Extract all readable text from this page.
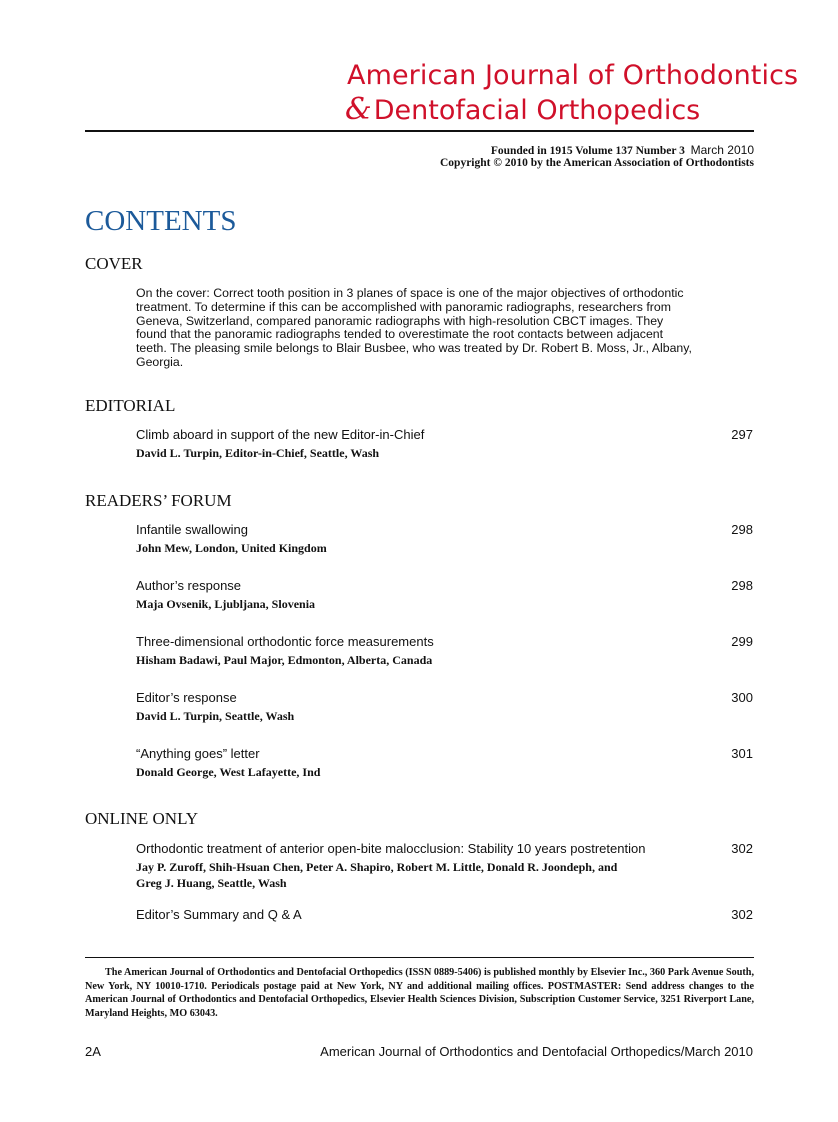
American Journal of Orthodontics
&Dentofacial Orthopedics
Founded in 1915 Volume 137 Number 3 March 2010
Copyright © 2010 by the American Association of Orthodontists
CONTENTS
COVER
On the cover: Correct tooth position in 3 planes of space is one of the major objectives of orthodontic treatment. To determine if this can be accomplished with panoramic radiographs, researchers from Geneva, Switzerland, compared panoramic radiographs with high-resolution CBCT images. They found that the panoramic radiographs tended to overestimate the root contacts between adjacent teeth. The pleasing smile belongs to Blair Busbee, who was treated by Dr. Robert B. Moss, Jr., Albany, Georgia.
EDITORIAL
Climb aboard in support of the new Editor-in-Chief	297
David L. Turpin, Editor-in-Chief, Seattle, Wash
READERS’ FORUM
Infantile swallowing	298
John Mew, London, United Kingdom
Author’s response	298
Maja Ovsenik, Ljubljana, Slovenia
Three-dimensional orthodontic force measurements	299
Hisham Badawi, Paul Major, Edmonton, Alberta, Canada
Editor’s response	300
David L. Turpin, Seattle, Wash
“Anything goes” letter	301
Donald George, West Lafayette, Ind
ONLINE ONLY
Orthodontic treatment of anterior open-bite malocclusion: Stability 10 years postretention	302
Jay P. Zuroff, Shih-Hsuan Chen, Peter A. Shapiro, Robert M. Little, Donald R. Joondeph, and
Greg J. Huang, Seattle, Wash
Editor’s Summary and Q & A	302
The American Journal of Orthodontics and Dentofacial Orthopedics (ISSN 0889-5406) is published monthly by Elsevier Inc., 360 Park Avenue South, New York, NY 10010-1710. Periodicals postage paid at New York, NY and additional mailing offices. POSTMASTER: Send address changes to the American Journal of Orthodontics and Dentofacial Orthopedics, Elsevier Health Sciences Division, Subscription Customer Service, 3251 Riverport Lane, Maryland Heights, MO 63043.
2A	American Journal of Orthodontics and Dentofacial Orthopedics/March 2010
